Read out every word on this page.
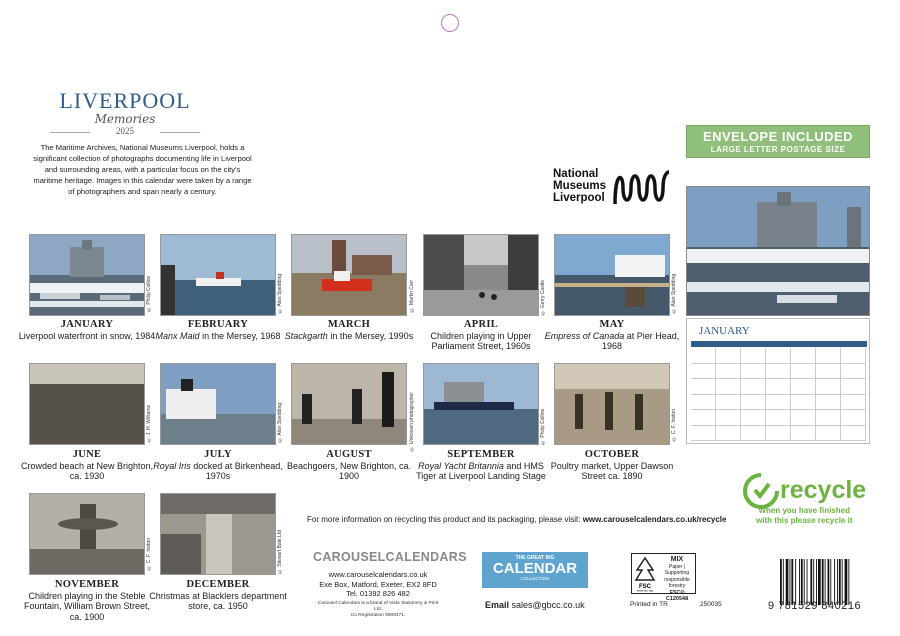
LIVERPOOL
Memories
2025
The Maritime Archives, National Museums Liverpool, holds a significant collection of photographs documenting life in Liverpool and surrounding areas, with a particular focus on the city's maritime heritage. Images in this calendar were taken by a range of photographers and span nearly a century.
ENVELOPE INCLUDED
LARGE LETTER POSTAGE SIZE
National
Museums
Liverpool
© Philip Collins	© Alan Spedding	© Martin Carr	© Gerry Castle	© Alan Spedding
JANUARY
Liverpool waterfront in snow, 1984
FEBRUARY
Manx Maid in the Mersey, 1968
MARCH
Stackgarth in the Mersey, 1990s
APRIL
Children playing in Upper Parliament Street, 1960s
MAY
Empress of Canada at Pier Head, 1968
© J. H. Williams	© Alan Spedding	© Unknown photographer	© Philip Collins	© C. F. Inston
JUNE
Crowded beach at New Brighton, ca. 1930
JULY
Royal Iris docked at Birkenhead, 1970s
AUGUST
Beachgoers, New Brighton, ca. 1900
SEPTEMBER
Royal Yacht Britannia and HMS Tiger at Liverpool Landing Stage
OCTOBER
Poultry market, Upper Dawson Street ca. 1890
© C. F. Inston	© Stewart Bale Ltd
NOVEMBER
Children playing in the Steble Fountain, William Brown Street, ca. 1900
DECEMBER
Christmas at Blacklers department store, ca. 1950
JANUARY
recycle
When you have finished
with this please recycle it
For more information on recycling this product and its packaging, please visit: www.carouselcalendars.co.uk/recycle
CAROUSELCALENDARS
www.carouselcalendars.co.uk
Exe Box, Matford, Exeter, EX2 8FD
Tel. 01392 826 482
Carousel Calendars is a brand of Vista Stationery & Print Ltd.
Co Registration 5900471.
THE GREAT BIG
CALENDAR
COLLECTION
Email sales@gbcc.co.uk
FSC
www.fsc.org
MIX
Paper | Supporting
responsible forestry
FSC® C120548
Printed in TR	250035	9 781529 840216
